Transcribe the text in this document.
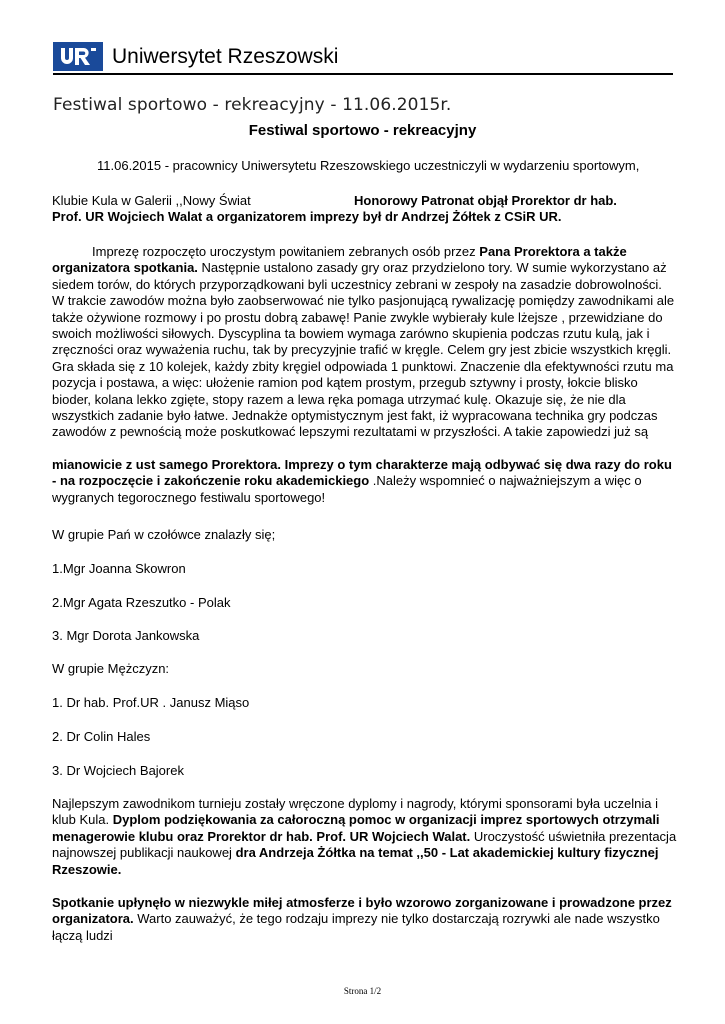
Uniwersytet Rzeszowski
Festiwal sportowo - rekreacyjny - 11.06.2015r.
Festiwal sportowo - rekreacyjny

11.06.2015 - pracownicy Uniwersytetu Rzeszowskiego uczestniczyli w wydarzeniu sportowym,

Klubie Kula w Galerii ,,Nowy Świat	Honorowy Patronat objął Prorektor dr hab.
Prof. UR Wojciech Walat a organizatorem imprezy był dr Andrzej Żółtek z CSiR UR.

Imprezę rozpoczęto uroczystym powitaniem zebranych osób przez Pana Prorektora a także organizatora spotkania. Następnie ustalono zasady gry oraz przydzielono tory. W sumie wykorzystano aż siedem torów, do których przyporządkowani byli uczestnicy zebrani w zespoły na zasadzie dobrowolności. W trakcie zawodów można było zaobserwować nie tylko pasjonującą rywalizację pomiędzy zawodnikami ale także ożywione rozmowy i po prostu dobrą zabawę! Panie zwykle wybierały kule lżejsze , przewidziane do swoich możliwości siłowych. Dyscyplina ta bowiem wymaga zarówno skupienia podczas rzutu kulą, jak i zręczności oraz wyważenia ruchu, tak by precyzyjnie trafić w kręgle. Celem gry jest zbicie wszystkich kręgli. Gra składa się z 10 kolejek, każdy zbity kręgiel odpowiada 1 punktowi. Znaczenie dla efektywności rzutu ma pozycja i postawa, a więc: ułożenie ramion pod kątem prostym, przegub sztywny i prosty, łokcie blisko bioder, kolana lekko zgięte, stopy razem a lewa ręka pomaga utrzymać kulę. Okazuje się, że nie dla wszystkich zadanie było łatwe. Jednakże optymistycznym jest fakt, iż wypracowana technika gry podczas zawodów z pewnością może poskutkować lepszymi rezultatami w przyszłości. A takie zapowiedzi już są

mianowicie z ust samego Prorektora. Imprezy o tym charakterze mają odbywać się dwa razy do roku - na rozpoczęcie i zakończenie roku akademickiego .Należy wspomnieć o najważniejszym a więc o wygranych tegorocznego festiwalu sportowego!

W grupie Pań w czołówce znalazły się;

1.Mgr Joanna Skowron

2.Mgr Agata Rzeszutko - Polak

3. Mgr Dorota Jankowska

W grupie Mężczyzn:

1. Dr hab. Prof.UR . Janusz Miąso

2. Dr Colin Hales

3. Dr Wojciech Bajorek

Najlepszym zawodnikom turnieju zostały wręczone dyplomy i nagrody, którymi sponsorami była uczelnia i klub Kula. Dyplom podziękowania za całoroczną pomoc w organizacji imprez sportowych otrzymali menagerowie klubu oraz Prorektor dr hab. Prof. UR Wojciech Walat. Uroczystość uświetniła prezentacja najnowszej publikacji naukowej dra Andrzeja Żółtka na temat ,,50 - Lat akademickiej kultury fizycznej Rzeszowie.

Spotkanie upłynęło w niezwykle miłej atmosferze i było wzorowo zorganizowane i prowadzone przez organizatora. Warto zauważyć, że tego rodzaju imprezy nie tylko dostarczają rozrywki ale nade wszystko łączą ludzi

Strona 1/2
